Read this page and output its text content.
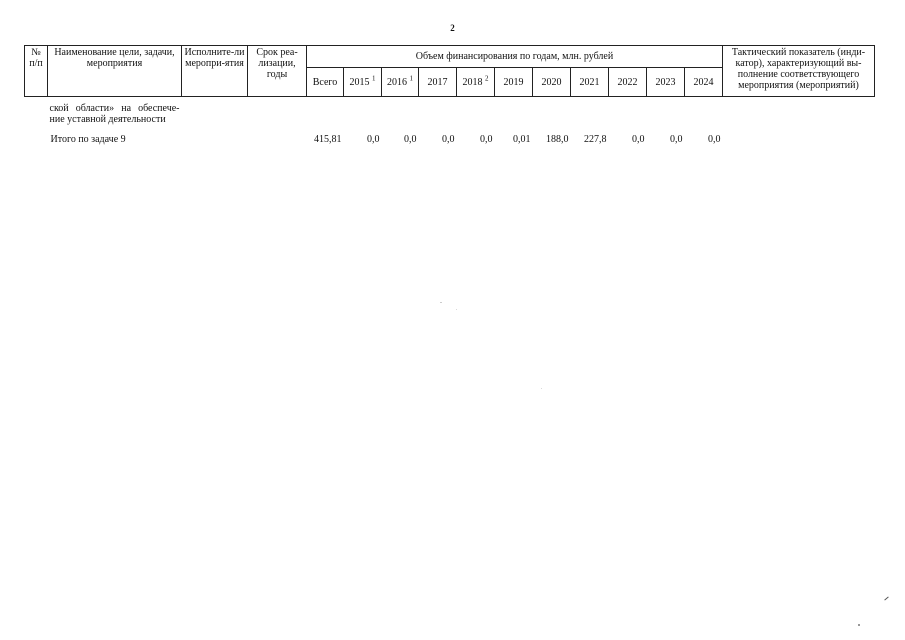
2
№ п/п	Наименование цели, задачи, мероприятия	Исполните-ли меропри-ятия	Срок реа-лизации, годы	Объем финансирования по годам, млн. рублей											Тактический показатель (инди-катор), характеризующий вы-полнение соответствующего мероприятия (мероприятий)
				Всего	2015 $^1$	2016 $^1$	2017	2018 $^2$	2019	2020	2021	2022	2023	2024	
	ской области» на обеспече-ние уставной деятельности														
	Итого по задаче 9			415,81	0,0	0,0	0,0	0,0	0,01	188,0	227,8	0,0	0,0	0,0	
